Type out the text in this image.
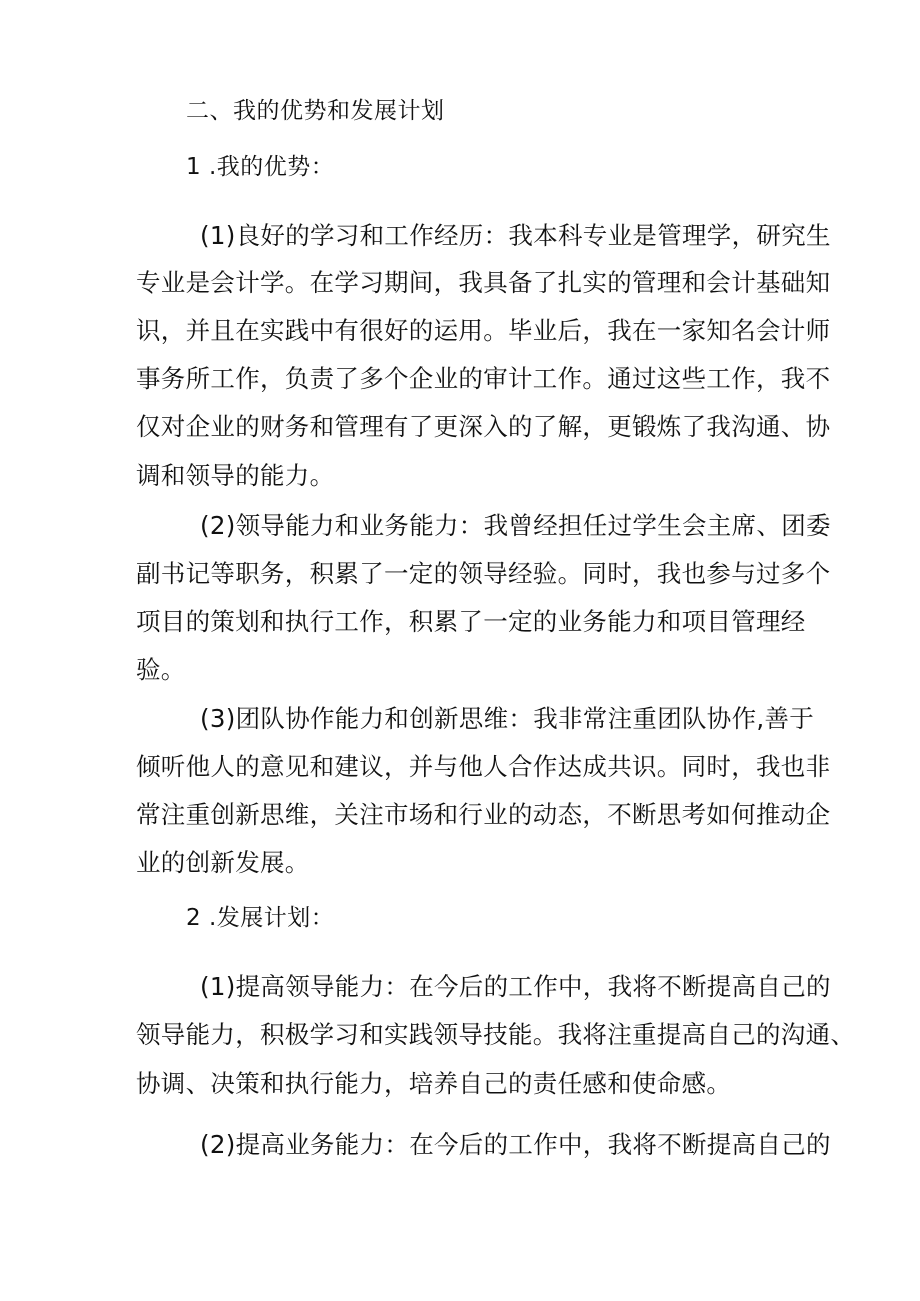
二、我的优势和发展计划
1 .我的优势：
(1)良好的学习和工作经历：我本科专业是管理学，研究生
专业是会计学。在学习期间，我具备了扎实的管理和会计基础知
识，并且在实践中有很好的运用。毕业后，我在一家知名会计师
事务所工作，负责了多个企业的审计工作。通过这些工作，我不
仅对企业的财务和管理有了更深入的了解，更锻炼了我沟通、协
调和领导的能力。
(2)领导能力和业务能力：我曾经担任过学生会主席、团委
副书记等职务，积累了一定的领导经验。同时，我也参与过多个
项目的策划和执行工作，积累了一定的业务能力和项目管理经
验。
(3)团队协作能力和创新思维：我非常注重团队协作,善于
倾听他人的意见和建议，并与他人合作达成共识。同时，我也非
常注重创新思维，关注市场和行业的动态，不断思考如何推动企
业的创新发展。
2 .发展计划：
(1)提高领导能力：在今后的工作中，我将不断提高自己的
领导能力，积极学习和实践领导技能。我将注重提高自己的沟通、
协调、决策和执行能力，培养自己的责任感和使命感。
(2)提高业务能力：在今后的工作中，我将不断提高自己的
